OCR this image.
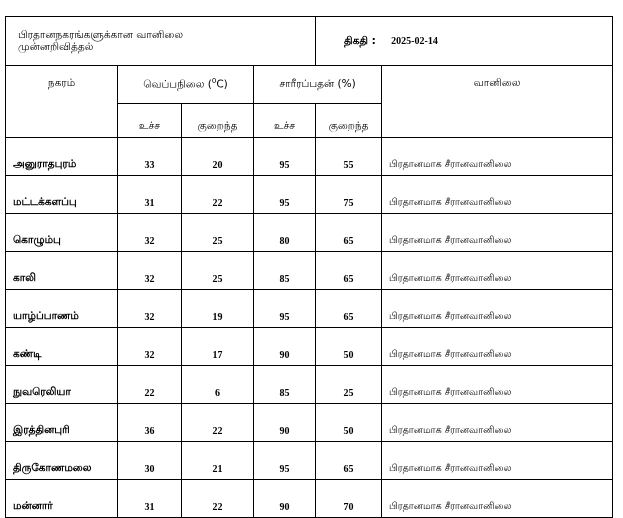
பிரதானநகரங்களுக்கான வானிலை
முன்னறிவித்தல்				திகதி : 2025-02-14	
நகரம்	வெப்பநிலை ($^0$C)		சாரீரப்பதன் (%)		வானிலை
	உச்ச	குறைந்த	உச்ச	குறைந்த	
அனுராதபுரம்	33	20	95	55	பிரதானமாக சீரானவானிலை
மட்டக்களப்பு	31	22	95	75	பிரதானமாக சீரானவானிலை
கொழும்பு	32	25	80	65	பிரதானமாக சீரானவானிலை
காலி	32	25	85	65	பிரதானமாக சீரானவானிலை
யாழ்ப்பாணம்	32	19	95	65	பிரதானமாக சீரானவானிலை
கண்டி	32	17	90	50	பிரதானமாக சீரானவானிலை
நுவரெலியா	22	6	85	25	பிரதானமாக சீரானவானிலை
இரத்தினபுரி	36	22	90	50	பிரதானமாக சீரானவானிலை
திருகோணமலை	30	21	95	65	பிரதானமாக சீரானவானிலை
மன்னார்	31	22	90	70	பிரதானமாக சீரானவானிலை
